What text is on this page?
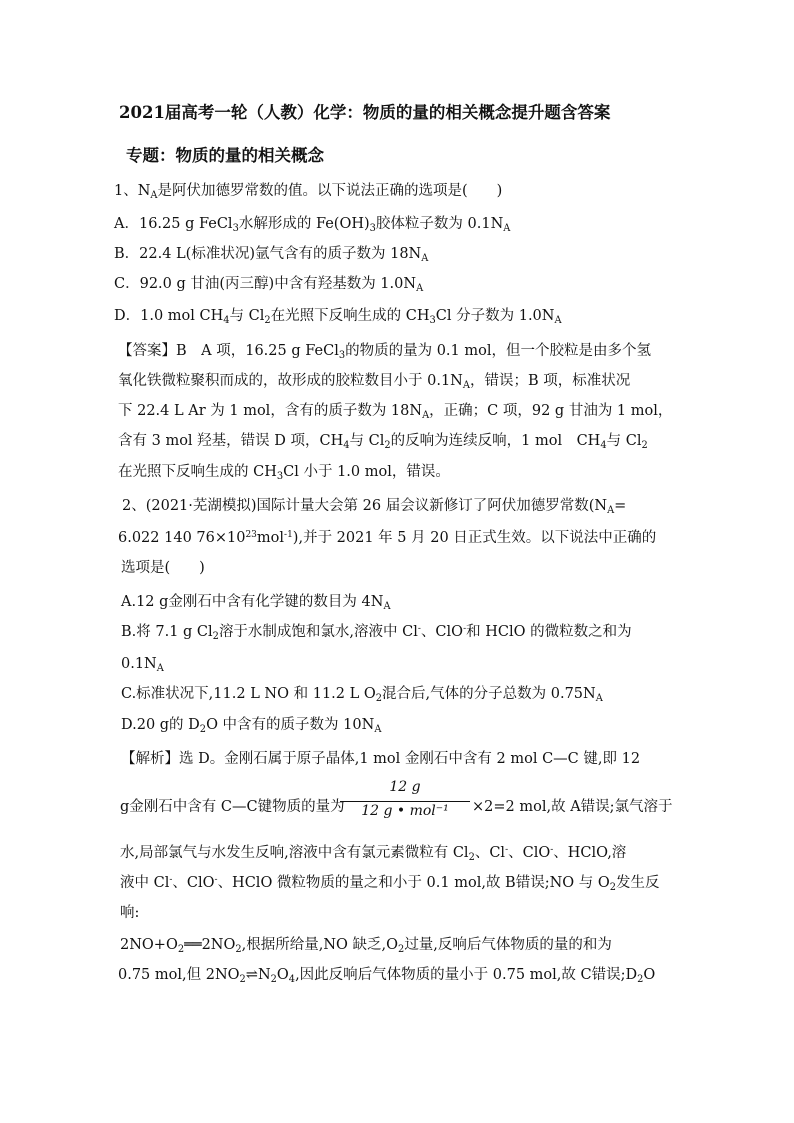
2021届高考一轮（人教）化学：物质的量的相关概念提升题含答案
专题：物质的量的相关概念
1、$N_A$是阿伏加德罗常数的值。以下说法正确的选项是(　　)
A．16.25 g FeCl$_3$水解形成的 $Fe(OH)_3$胶体粒子数为 $0.1N_A$
B．22.4 L(标准状况)氩气含有的质子数为 $18N_A$
C．92.0 g 甘油(丙三醇)中含有羟基数为 $1.0N_A$
D．1.0 mol $CH_4$与 $Cl_2$在光照下反响生成的 $CH_3Cl$ 分子数为 $1.0N_A$
【答案】B　A 项，16.25 g FeCl$_3$的物质的量为 0.1 mol，但一个胶粒是由多个氢
氧化铁微粒聚积而成的，故形成的胶粒数目小于 $0.1N_A$，错误；B 项，标准状况
下 22.4 L Ar 为 1 mol，含有的质子数为 $18N_A$，正确；C 项，92 g 甘油为 1 mol，
含有 3 mol 羟基，错误 D 项，$CH_4$与 $Cl_2$的反响为连续反响，1 mol　$CH_4$与 $Cl_2$
在光照下反响生成的 $CH_3Cl$ 小于 1.0 mol，错误。
2、(2021·芜湖模拟)国际计量大会第 26 届会议新修订了阿伏加德罗常数($N_A=$
6.022 140 $76\times 10^{23}mol^{-1}$),并于 2021 年 5 月 20 日正式生效。以下说法中正确的
选项是(　　)
A.12 g金刚石中含有化学键的数目为 $4N_A$
B.将 7.1 g $Cl_2$溶于水制成饱和氯水,溶液中 Cl-、ClO-和 HClO 的微粒数之和为
$0.1N_A$
C.标准状况下,11.2 L NO 和 11.2 L $O_2$混合后,气体的分子总数为 $0.75N_A$
D.20 g的 $D_2O$ 中含有的质子数为 $10N_A$
【解析】选 D。金刚石属于原子晶体,1 mol 金刚石中含有 2 mol C—C 键,即 12
g金刚石中含有 C—C键物质的量为
12 g
12 g • mol⁻¹	×2=2 mol,故 A错误;氯气溶于
水,局部氯气与水发生反响,溶液中含有氯元素微粒有 $Cl_2$、Cl-、ClO-、HClO,溶
液中 Cl-、ClO-、HClO 微粒物质的量之和小于 0.1 mol,故 B错误;NO 与 $O_2$发生反
响:
$2NO+O_2══2NO_2$,根据所给量,NO 缺乏$,O_2$过量,反响后气体物质的量的和为
0.75 mol,但 $2NO_2\rightleftharpoons N_2O_4$,因此反响后气体物质的量小于 0.75 mol,故 C错误$;D_2O$
